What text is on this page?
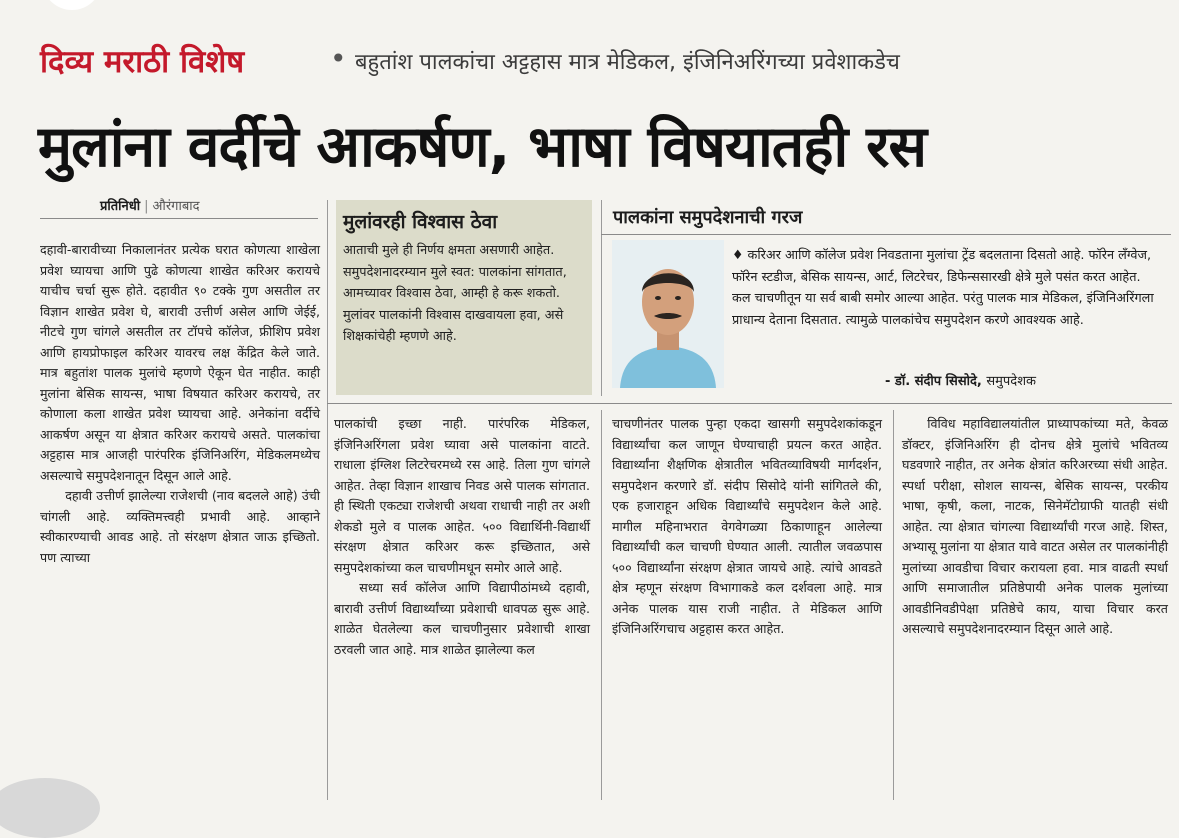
दिव्य मराठी विशेष	• बहुतांश पालकांचा अट्टहास मात्र मेडिकल, इंजिनिअरिंगच्या प्रवेशाकडेच
मुलांना वर्दीचे आकर्षण, भाषा विषयातही रस
प्रतिनिधी | औरंगाबाद

दहावी-बारावीच्या निकालानंतर प्रत्येक घरात कोणत्या शाखेला प्रवेश घ्यायचा आणि पुढे कोणत्या शाखेत करिअर करायचे याचीच चर्चा सुरू होते. दहावीत ९० टक्के गुण असतील तर विज्ञान शाखेत प्रवेश घे, बारावी उत्तीर्ण असेल आणि जेईई, नीटचे गुण चांगले असतील तर टॉपचे कॉलेज, फ्रीशिप प्रवेश आणि हायप्रोफाइल करिअर यावरच लक्ष केंद्रित केले जाते. मात्र बहुतांश पालक मुलांचे म्हणणे ऐकून घेत नाहीत. काही मुलांना बेसिक सायन्स, भाषा विषयात करिअर करायचे, तर कोणाला कला शाखेत प्रवेश घ्यायचा आहे. अनेकांना वर्दीचे आकर्षण असून या क्षेत्रात करिअर करायचे असते. पालकांचा अट्टहास मात्र आजही पारंपरिक इंजिनिअरिंग, मेडिकलमध्येच असल्याचे समुपदेशनातून दिसून आले आहे.

दहावी उत्तीर्ण झालेल्या राजेशची (नाव बदलले आहे) उंची चांगली आहे. व्यक्तिमत्त्वही प्रभावी आहे. आव्हाने स्वीकारण्याची आवड आहे. तो संरक्षण क्षेत्रात जाऊ इच्छितो. पण त्याच्या

मुलांवरही विश्वास ठेवा
आताची मुले ही निर्णय क्षमता असणारी आहेत. समुपदेशनादरम्यान मुले स्वत: पालकांना सांगतात, आमच्यावर विश्वास ठेवा, आम्ही हे करू शकतो. मुलांवर पालकांनी विश्वास दाखवायला हवा, असे शिक्षकांचेही म्हणणे आहे.
पालकांना समुपदेशनाची गरज
♦ करिअर आणि कॉलेज प्रवेश निवडताना मुलांचा ट्रेंड बदलताना दिसतो आहे. फॉरेन लँग्वेज, फॉरेन स्टडीज, बेसिक सायन्स, आर्ट, लिटरेचर, डिफेन्ससारखी क्षेत्रे मुले पसंत करत आहेत. कल चाचणीतून या सर्व बाबी समोर आल्या आहेत. परंतु पालक मात्र मेडिकल, इंजिनिअरिंगला प्राधान्य देताना दिसतात. त्यामुळे पालकांचेच समुपदेशन करणे आवश्यक आहे.
- डॉ. संदीप सिसोदे, समुपदेशक

पालकांची इच्छा नाही. पारंपरिक मेडिकल, इंजिनिअरिंगला प्रवेश घ्यावा असे पालकांना वाटते. राधाला इंग्लिश लिटरेचरमध्ये रस आहे. तिला गुण चांगले आहेत. तेव्हा विज्ञान शाखाच निवड असे पालक सांगतात. ही स्थिती एकट्या राजेशची अथवा राधाची नाही तर अशी शेकडो मुले व पालक आहेत. ५०० विद्यार्थिनी-विद्यार्थी संरक्षण क्षेत्रात करिअर करू इच्छितात, असे समुपदेशकांच्या कल चाचणीमधून समोर आले आहे.

सध्या सर्व कॉलेज आणि विद्यापीठांमध्ये दहावी, बारावी उत्तीर्ण विद्यार्थ्यांच्या प्रवेशाची धावपळ सुरू आहे. शाळेत घेतलेल्या कल चाचणीनुसार प्रवेशाची शाखा ठरवली जात आहे. मात्र शाळेत झालेल्या कल

चाचणीनंतर पालक पुन्हा एकदा खासगी समुपदेशकांकडून विद्यार्थ्यांचा कल जाणून घेण्याचाही प्रयत्न करत आहेत. विद्यार्थ्यांना शैक्षणिक क्षेत्रातील भवितव्याविषयी मार्गदर्शन, समुपदेशन करणारे डॉ. संदीप सिसोदे यांनी सांगितले की, एक हजाराहून अधिक विद्यार्थ्यांचे समुपदेशन केले आहे. मागील महिनाभरात वेगवेगळ्या ठिकाणाहून आलेल्या विद्यार्थ्यांची कल चाचणी घेण्यात आली. त्यातील जवळपास ५०० विद्यार्थ्यांना संरक्षण क्षेत्रात जायचे आहे. त्यांचे आवडते क्षेत्र म्हणून संरक्षण विभागाकडे कल दर्शवला आहे. मात्र अनेक पालक यास राजी नाहीत. ते मेडिकल आणि इंजिनिअरिंगचाच अट्टहास करत आहेत.

विविध महाविद्यालयांतील प्राध्यापकांच्या मते, केवळ डॉक्टर, इंजिनिअरिंग ही दोनच क्षेत्रे मुलांचे भवितव्य घडवणारे नाहीत, तर अनेक क्षेत्रांत करिअरच्या संधी आहेत. स्पर्धा परीक्षा, सोशल सायन्स, बेसिक सायन्स, परकीय भाषा, कृषी, कला, नाटक, सिनेमॅटोग्राफी यातही संधी आहेत. त्या क्षेत्रात चांगल्या विद्यार्थ्यांची गरज आहे. शिस्त, अभ्यासू मुलांना या क्षेत्रात यावे वाटत असेल तर पालकांनीही मुलांच्या आवडीचा विचार करायला हवा. मात्र वाढती स्पर्धा आणि समाजातील प्रतिष्ठेपायी अनेक पालक मुलांच्या आवडीनिवडीपेक्षा प्रतिष्ठेचे काय, याचा विचार करत असल्याचे समुपदेशनादरम्यान दिसून आले आहे.
